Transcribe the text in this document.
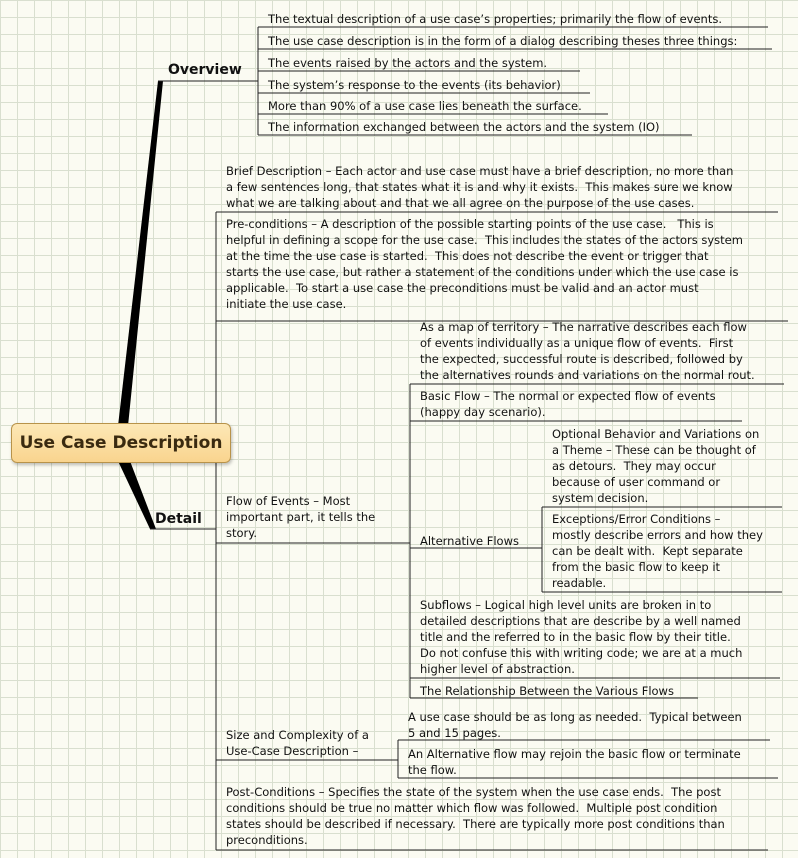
Use Case Description
Overview
Detail
The textual description of a use case’s properties; primarily the flow of events.
The use case description is in the form of a dialog describing theses three things:
The events raised by the actors and the system.
The system’s response to the events (its behavior)
More than 90% of a use case lies beneath the surface.
The information exchanged between the actors and the system (IO)
Brief Description – Each actor and use case must have a brief description, no more than
a few sentences long, that states what it is and why it exists.  This makes sure we know
what we are talking about and that we all agree on the purpose of the use cases.
Pre-conditions – A description of the possible starting points of the use case.   This is
helpful in defining a scope for the use case.  This includes the states of the actors system
at the time the use case is started.  This does not describe the event or trigger that
starts the use case, but rather a statement of the conditions under which the use case is
applicable.  To start a use case the preconditions must be valid and an actor must
initiate the use case.
Flow of Events – Most
important part, it tells the
story.
As a map of territory – The narrative describes each flow
of events individually as a unique flow of events.  First
the expected, successful route is described, followed by
the alternatives rounds and variations on the normal rout.
Basic Flow – The normal or expected flow of events
(happy day scenario).
Alternative Flows
Optional Behavior and Variations on
a Theme – These can be thought of
as detours.  They may occur
because of user command or
system decision.
Exceptions/Error Conditions –
mostly describe errors and how they
can be dealt with.  Kept separate
from the basic flow to keep it
readable.
Subflows – Logical high level units are broken in to
detailed descriptions that are describe by a well named
title and the referred to in the basic flow by their title.
Do not confuse this with writing code; we are at a much
higher level of abstraction.
The Relationship Between the Various Flows
Size and Complexity of a
Use-Case Description –
A use case should be as long as needed.  Typical between
5 and 15 pages.
An Alternative flow may rejoin the basic flow or terminate
the flow.
Post-Conditions – Specifies the state of the system when the use case ends.  The post
conditions should be true no matter which flow was followed.  Multiple post condition
states should be described if necessary.  There are typically more post conditions than
preconditions.
